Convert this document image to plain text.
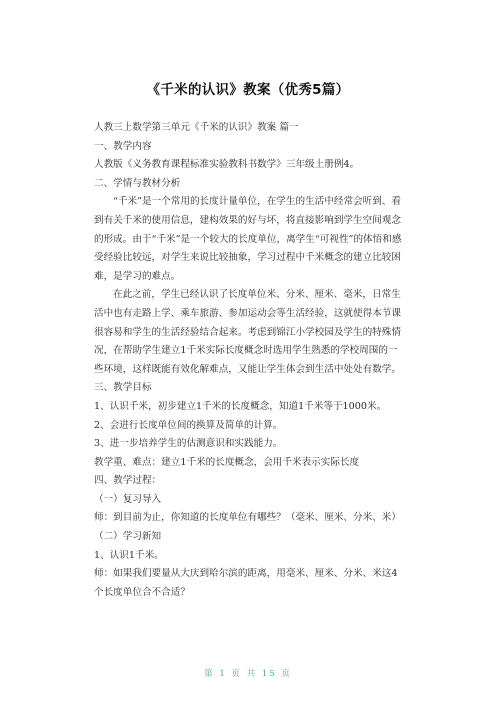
《千米的认识》教案（优秀5篇）

人教三上数学第三单元《千米的认识》教案 篇一

一、教学内容

人教版《义务教育课程标准实验教科书数学》三年级上册例4。

二、学情与教材分析

“千米”是一个常用的长度计量单位，在学生的生活中经常会听到、看到有关千米的使用信息，建构效果的好与坏，将直接影响到学生空间观念的形成。由于“千米”是一个较大的长度单位，离学生“可视性”的体悟和感受经验比较远，对学生来说比较抽象，学习过程中千米概念的建立比较困难，是学习的难点。

在此之前，学生已经认识了长度单位米、分米、厘米、毫米，日常生活中也有走路上学、乘车旅游、参加运动会等生活经验，这就使得本节课很容易和学生的生活经验结合起来。考虑到锦江小学校园及学生的特殊情况，在帮助学生建立1千米实际长度概念时选用学生熟悉的学校周围的一些环境，这样既能有效化解难点，又能让学生体会到生活中处处有数学。

三、教学目标

1、认识千米，初步建立1千米的长度概念，知道1千米等于1000米。

2、会进行长度单位间的换算及简单的计算。

3、进一步培养学生的估测意识和实践能力。

教学重、难点：建立1千米的长度概念，会用千米表示实际长度

四、教学过程：

（一）复习导入

师：到目前为止，你知道的长度单位有哪些？（毫米、厘米、分米、米）

（二）学习新知

1、认识1千米。

师：如果我们要量从大庆到哈尔滨的距离，用毫米、厘米、分米、米这4个长度单位合不合适？

第 1 页 共 15 页
